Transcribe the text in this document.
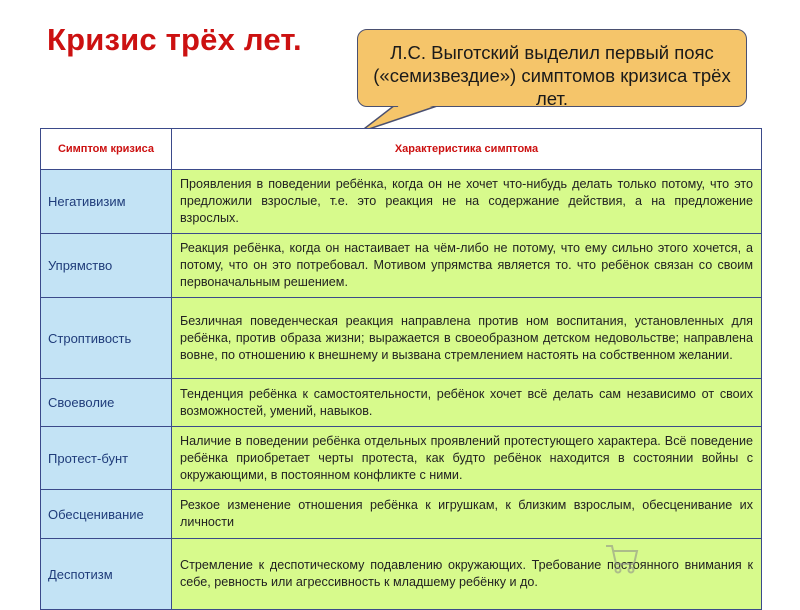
Кризис трёх лет.	Л.С. Выготский выделил первый пояс («семизвездие») симптомов кризиса трёх лет.
Симптом кризиса	Характеристика симптома
Негативизим	Проявления в поведении ребёнка, когда он не хочет что-нибудь делать только потому, что это предложили взрослые, т.е. это реакция не на содержание действия, а на предложение взрослых.
Упрямство	Реакция ребёнка, когда он настаивает на чём-либо не потому, что ему сильно этого хочется, а потому, что он это потребовал. Мотивом упрямства является то. что ребёнок связан со своим первоначальным решением.
Строптивость	Безличная поведенческая реакция направлена против ном воспитания, установленных для ребёнка, против образа жизни; выражается в своеобразном детском недовольстве; направлена вовне, по отношению к внешнему и вызвана стремлением настоять на собственном желании.
Своеволие	Тенденция ребёнка к самостоятельности, ребёнок хочет всё делать сам независимо от своих возможностей, умений, навыков.
Протест-бунт	Наличие в поведении ребёнка отдельных проявлений протестующего характера. Всё поведение ребёнка приобретает черты протеста, как будто ребёнок находится в состоянии войны с окружающими, в постоянном конфликте с ними.
Обесценивание	Резкое изменение отношения ребёнка к игрушкам, к близким взрослым, обесценивание их личности
Деспотизм	Стремление к деспотическому подавлению окружающих. Требование постоянного внимания к себе, ревность или агрессивность к младшему ребёнку и до.
